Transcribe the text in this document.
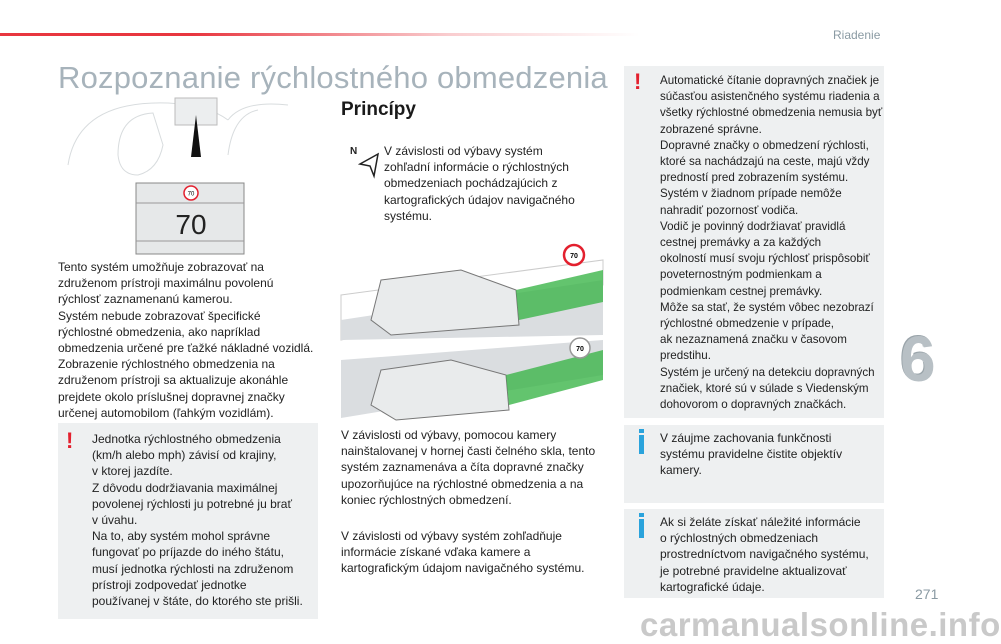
Riadenie
Rozpoznanie rýchlostného obmedzenia
70
70
Tento systém umožňuje zobrazovať na
združenom prístroji maximálnu povolenú
rýchlosť zaznamenanú kamerou.
Systém nebude zobrazovať špecifické
rýchlostné obmedzenia, ako napríklad
obmedzenia určené pre ťažké nákladné vozidlá.
Zobrazenie rýchlostného obmedzenia na
združenom prístroji sa aktualizuje akonáhle
prejdete okolo príslušnej dopravnej značky
určenej automobilom (ľahkým vozidlám).
! Jednotka rýchlostného obmedzenia
(km/h alebo mph) závisí od krajiny,
v ktorej jazdíte.
Z dôvodu dodržiavania maximálnej
povolenej rýchlosti ju potrebné ju brať
v úvahu.
Na to, aby systém mohol správne
fungovať po príjazde do iného štátu,
musí jednotka rýchlosti na združenom
prístroji zodpovedať jednotke
používanej v štáte, do ktorého ste prišli.
Princípy
N V závislosti od výbavy systém
zohľadní informácie o rýchlostných
obmedzeniach pochádzajúcich z
kartografických údajov navigačného
systému.
70
70
V závislosti od výbavy, pomocou kamery
nainštalovanej v hornej časti čelného skla, tento
systém zaznamenáva a číta dopravné značky
upozorňujúce na rýchlostné obmedzenia a na
koniec rýchlostných obmedzení.
V závislosti od výbavy systém zohľadňuje
informácie získané vďaka kamere a
kartografickým údajom navigačného systému.
! Automatické čítanie dopravných značiek je
súčasťou asistenčného systému riadenia a
všetky rýchlostné obmedzenia nemusia byť
zobrazené správne.
Dopravné značky o obmedzení rýchlosti,
ktoré sa nachádzajú na ceste, majú vždy
predností pred zobrazením systému.
Systém v žiadnom prípade nemôže
nahradiť pozornosť vodiča.
Vodič je povinný dodržiavať pravidlá
cestnej premávky a za každých
okolností musí svoju rýchlosť prispôsobiť
poveternostným podmienkam a
podmienkam cestnej premávky.
Môže sa stať, že systém vôbec nezobrazí
rýchlostné obmedzenie v prípade,
ak nezaznamená značku v časovom
predstihu.
Systém je určený na detekciu dopravných
značiek, ktoré sú v súlade s Viedenským
dohovorom o dopravných značkách.
V záujme zachovania funkčnosti
systému pravidelne čistite objektív
kamery.
Ak si želáte získať náležité informácie
o rýchlostných obmedzeniach
prostredníctvom navigačného systému,
je potrebné pravidelne aktualizovať
kartografické údaje.
6
271
carmanualsonline.info
